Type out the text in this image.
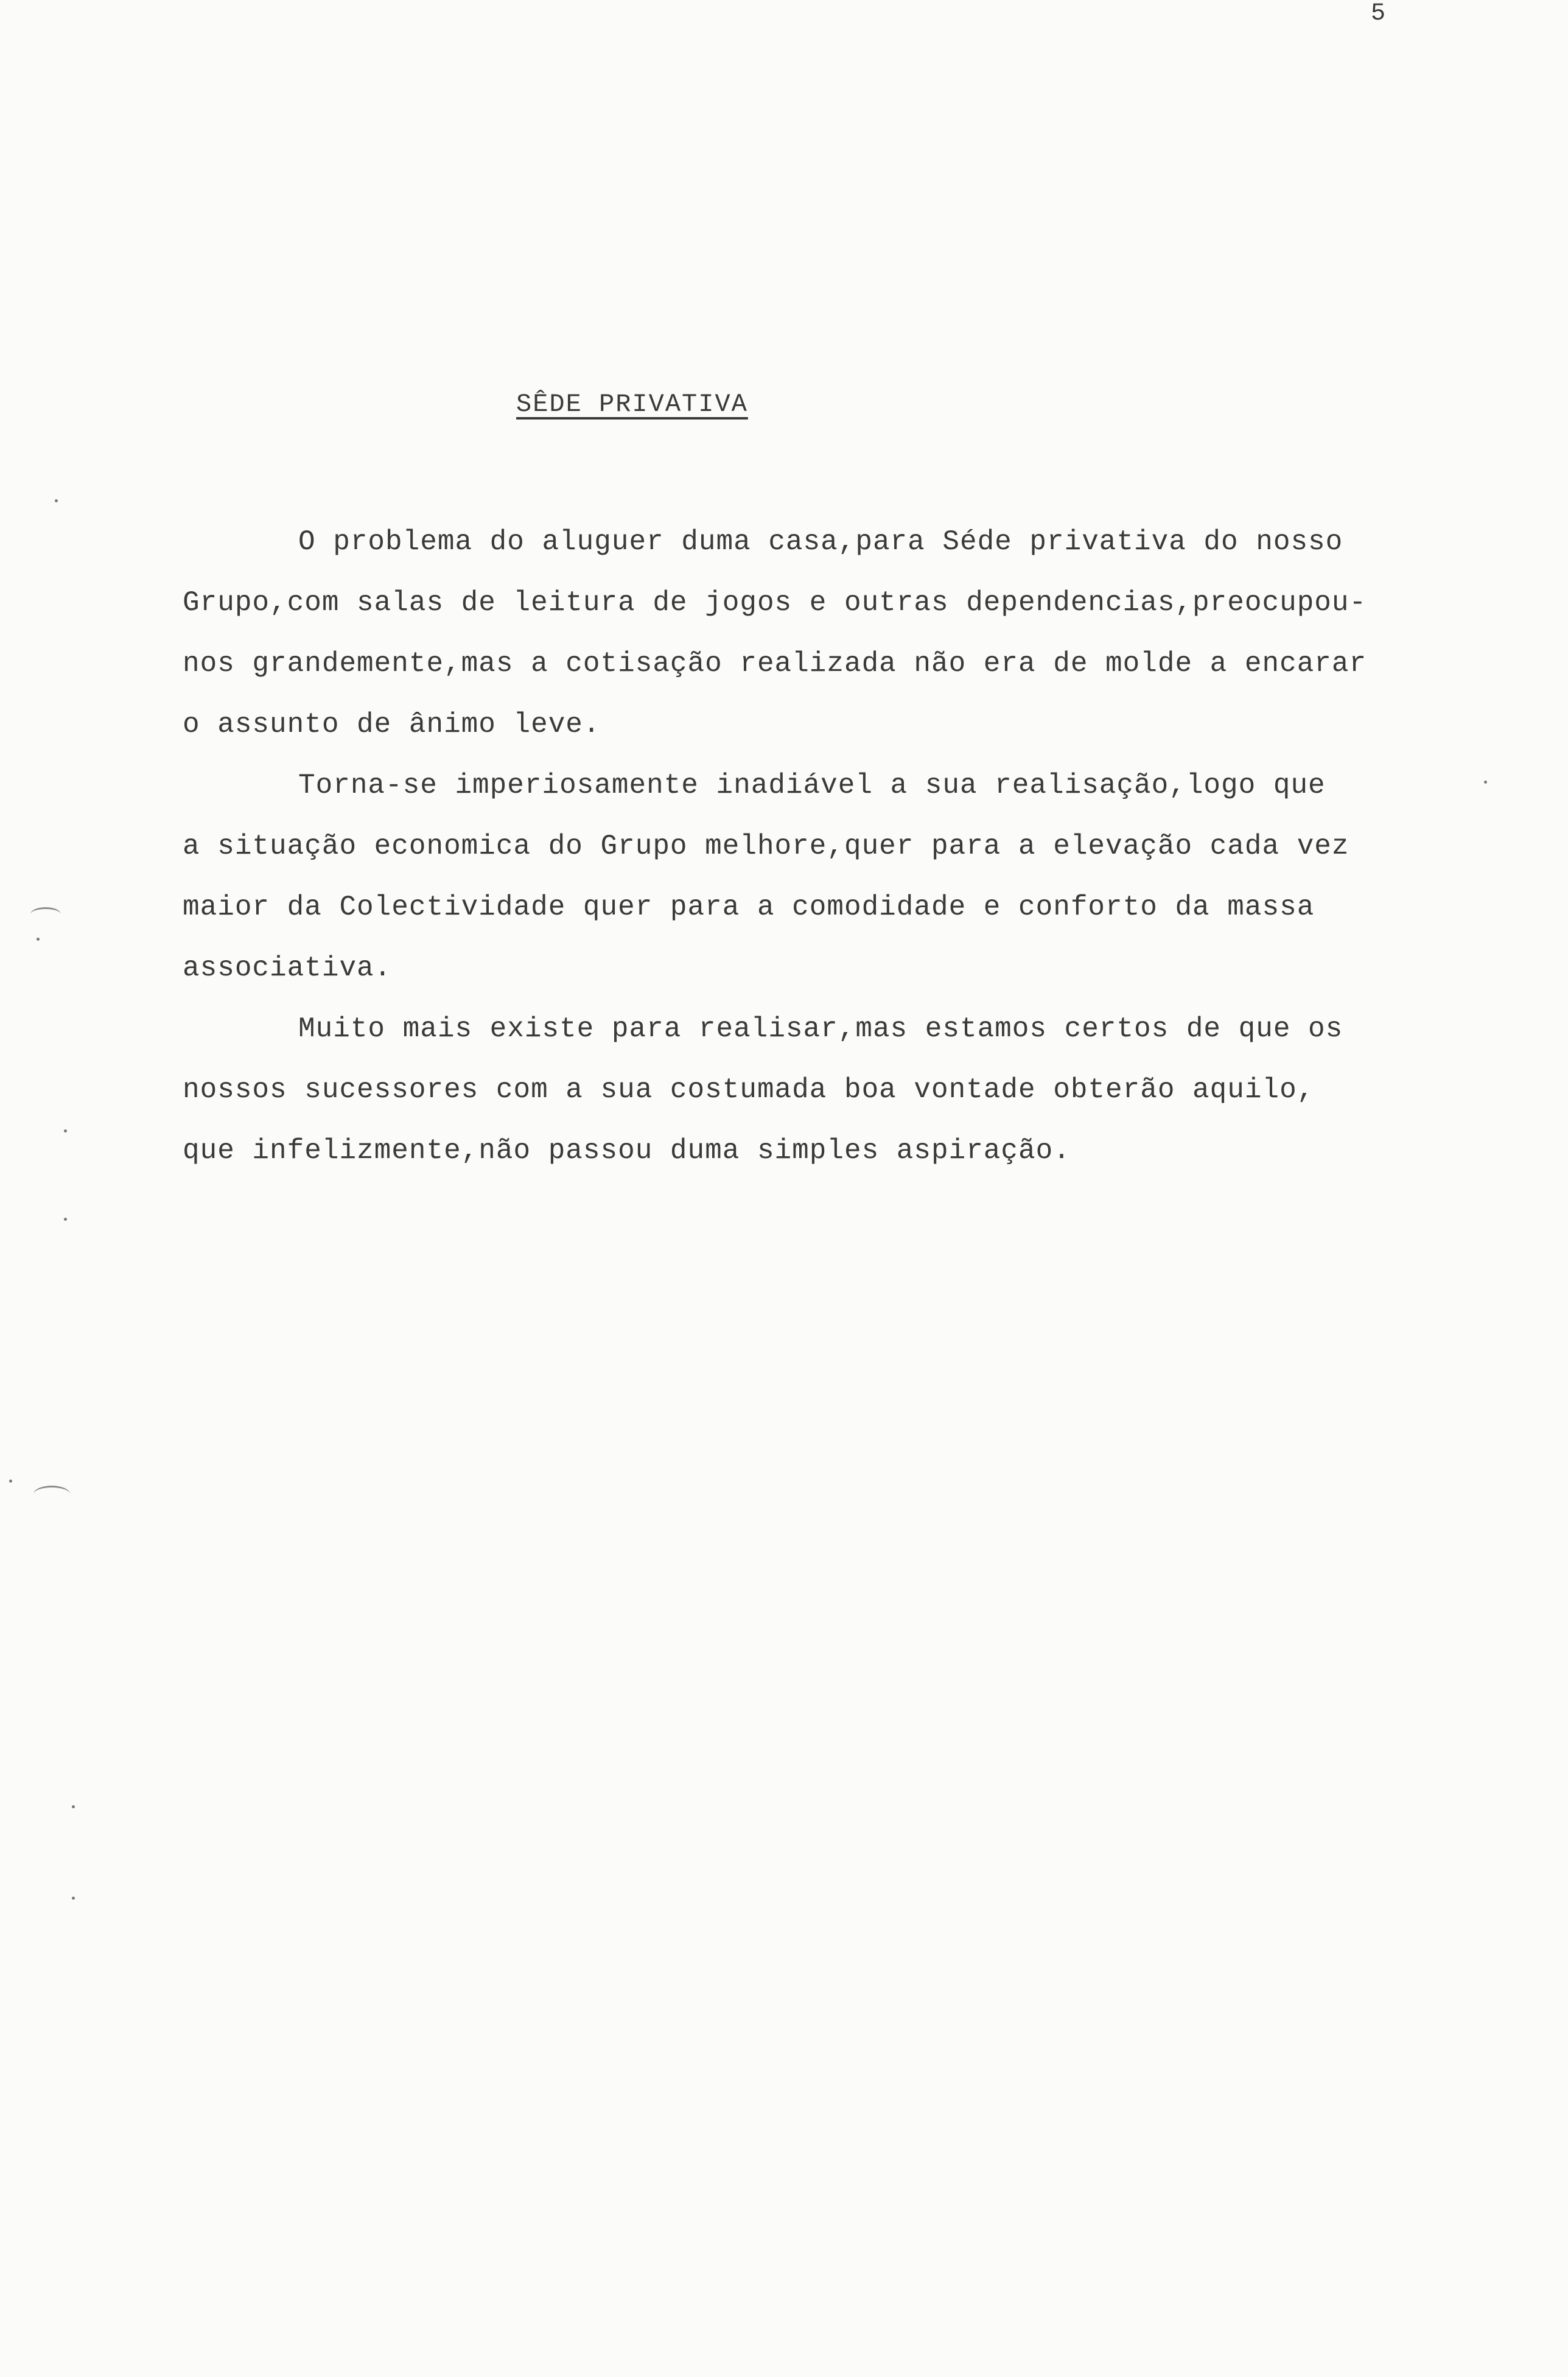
5
SÊDE PRIVATIVA

O problema do aluguer duma casa,para Séde privativa do nosso
Grupo,com salas de leitura de jogos e outras dependencias,preocupou-
nos grandemente,mas a cotisação realizada não era de molde a encarar
o assunto de ânimo leve.

Torna-se imperiosamente inadiável a sua realisação,logo que
a situação economica do Grupo melhore,quer para a elevação cada vez
maior da Colectividade quer para a comodidade e conforto da massa
associativa.

Muito mais existe para realisar,mas estamos certos de que os
nossos sucessores com a sua costumada boa vontade obterão aquilo,
que infelizmente,não passou duma simples aspiração.
